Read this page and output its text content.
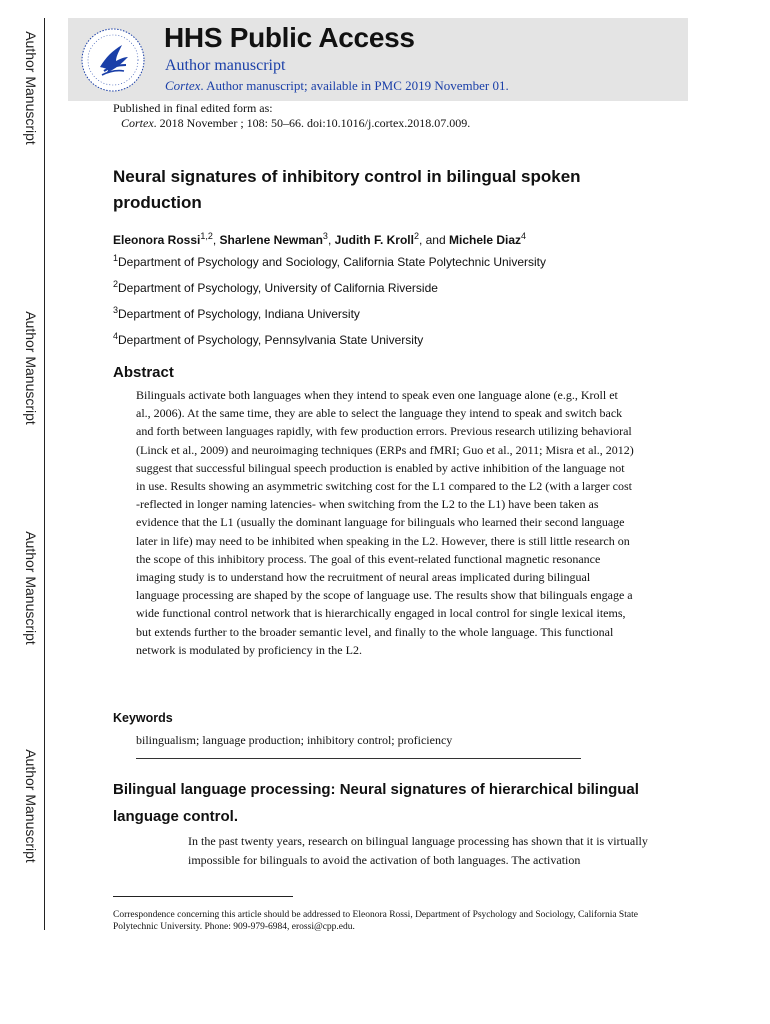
Author Manuscript
Author Manuscript
Author Manuscript
Author Manuscript
HHS Public Access
Author manuscript
Cortex. Author manuscript; available in PMC 2019 November 01.
Published in final edited form as:
Cortex. 2018 November ; 108: 50–66. doi:10.1016/j.cortex.2018.07.009.
Neural signatures of inhibitory control in bilingual spoken production
Eleonora Rossi$^{1,2}$, Sharlene Newman$^3$, Judith F. Kroll$^2$, and Michele Diaz$^4$
$^1$Department of Psychology and Sociology, California State Polytechnic University
$^2$Department of Psychology, University of California Riverside
$^3$Department of Psychology, Indiana University
$^4$Department of Psychology, Pennsylvania State University
Abstract
Bilinguals activate both languages when they intend to speak even one language alone (e.g., Kroll et al., 2006). At the same time, they are able to select the language they intend to speak and switch back and forth between languages rapidly, with few production errors. Previous research utilizing behavioral (Linck et al., 2009) and neuroimaging techniques (ERPs and fMRI; Guo et al., 2011; Misra et al., 2012) suggest that successful bilingual speech production is enabled by active inhibition of the language not in use. Results showing an asymmetric switching cost for the L1 compared to the L2 (with a larger cost -reflected in longer naming latencies- when switching from the L2 to the L1) have been taken as evidence that the L1 (usually the dominant language for bilinguals who learned their second language later in life) may need to be inhibited when speaking in the L2. However, there is still little research on the scope of this inhibitory process. The goal of this event-related functional magnetic resonance imaging study is to understand how the recruitment of neural areas implicated during bilingual language processing are shaped by the scope of language use. The results show that bilinguals engage a wide functional control network that is hierarchically engaged in local control for single lexical items, but extends further to the broader semantic level, and finally to the whole language. This functional network is modulated by proficiency in the L2.
Keywords
bilingualism; language production; inhibitory control; proficiency
Bilingual language processing: Neural signatures of hierarchical bilingual language control.
In the past twenty years, research on bilingual language processing has shown that it is virtually impossible for bilinguals to avoid the activation of both languages. The activation
Correspondence concerning this article should be addressed to Eleonora Rossi, Department of Psychology and Sociology, California State Polytechnic University. Phone: 909-979-6984, erossi@cpp.edu.
